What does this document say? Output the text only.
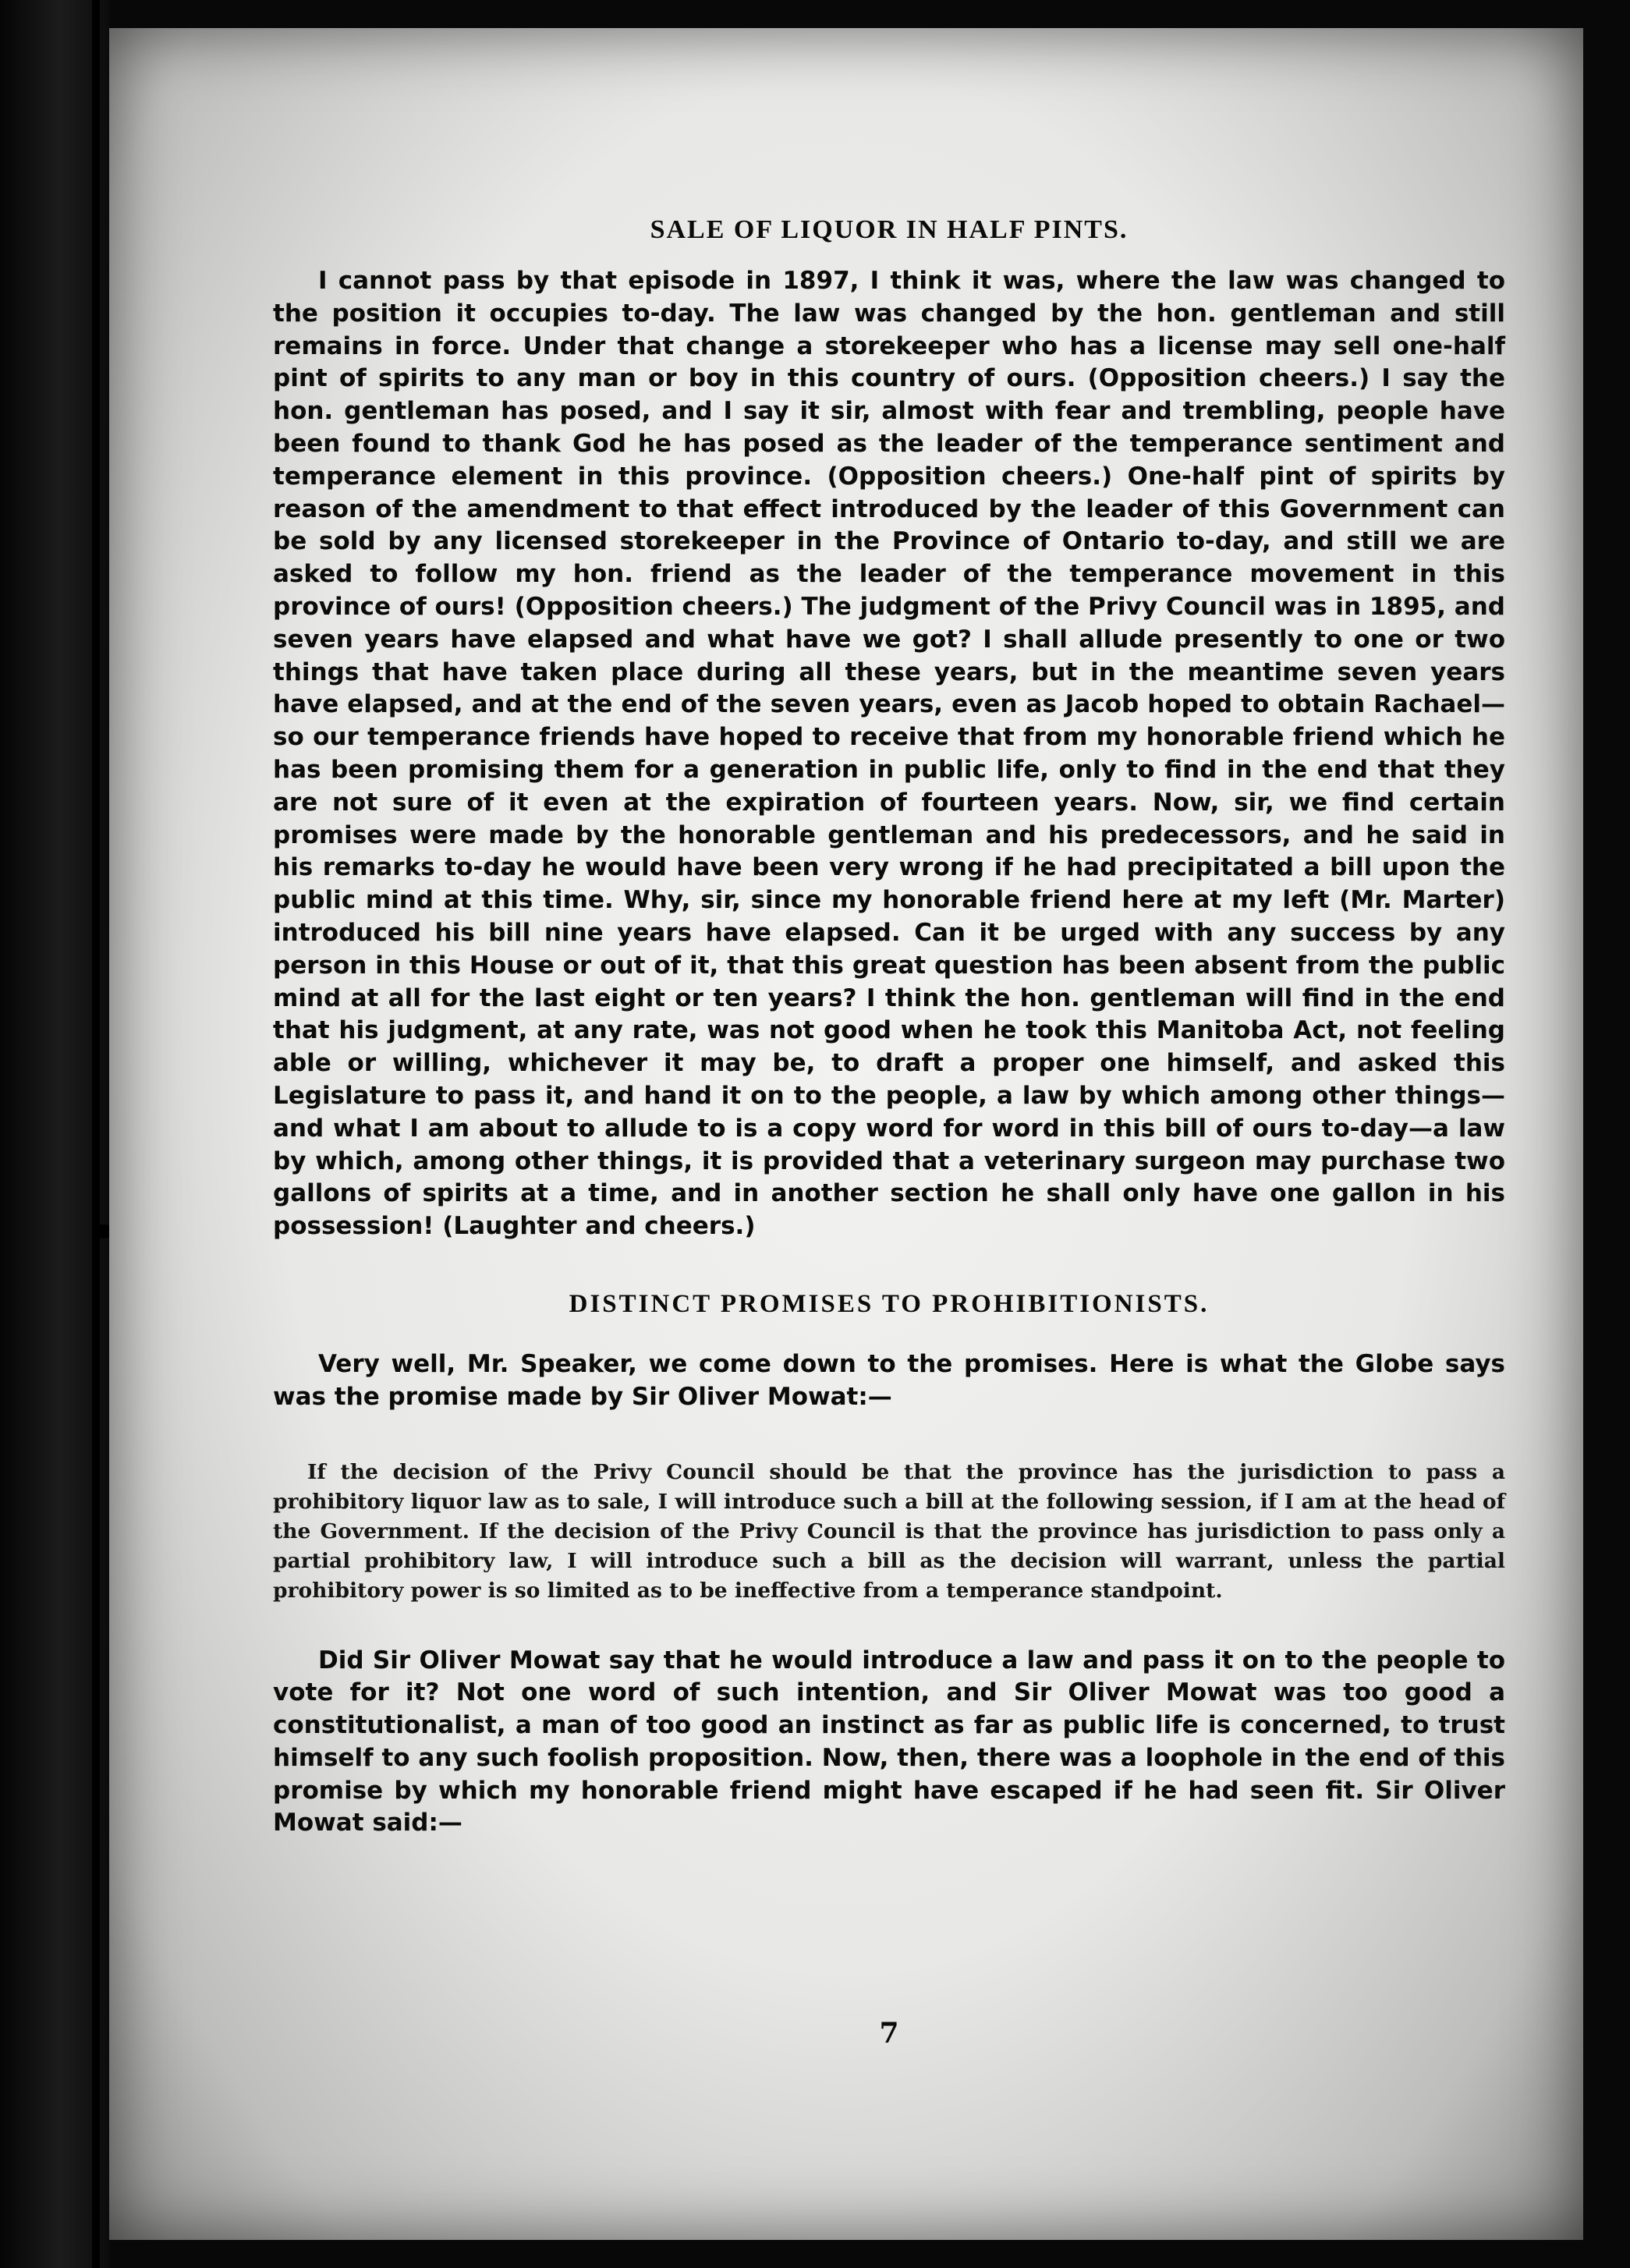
SALE OF LIQUOR IN HALF PINTS.

I cannot pass by that episode in 1897, I think it was, where the law was changed to the position it occupies to-day. The law was changed by the hon. gentleman and still remains in force. Under that change a storekeeper who has a license may sell one-half pint of spirits to any man or boy in this country of ours. (Opposition cheers.) I say the hon. gentleman has posed, and I say it sir, almost with fear and trembling, people have been found to thank God he has posed as the leader of the temperance sentiment and temperance element in this province. (Opposition cheers.) One-half pint of spirits by reason of the amendment to that effect introduced by the leader of this Government can be sold by any licensed storekeeper in the Province of Ontario to-day, and still we are asked to follow my hon. friend as the leader of the temperance movement in this province of ours! (Opposition cheers.) The judgment of the Privy Council was in 1895, and seven years have elapsed and what have we got? I shall allude presently to one or two things that have taken place during all these years, but in the meantime seven years have elapsed, and at the end of the seven years, even as Jacob hoped to obtain Rachael—so our temperance friends have hoped to receive that from my honorable friend which he has been promising them for a generation in public life, only to find in the end that they are not sure of it even at the expiration of fourteen years. Now, sir, we find certain promises were made by the honorable gentleman and his predecessors, and he said in his remarks to-day he would have been very wrong if he had precipitated a bill upon the public mind at this time. Why, sir, since my honorable friend here at my left (Mr. Marter) introduced his bill nine years have elapsed. Can it be urged with any success by any person in this House or out of it, that this great question has been absent from the public mind at all for the last eight or ten years? I think the hon. gentleman will find in the end that his judgment, at any rate, was not good when he took this Manitoba Act, not feeling able or willing, whichever it may be, to draft a proper one himself, and asked this Legislature to pass it, and hand it on to the people, a law by which among other things—and what I am about to allude to is a copy word for word in this bill of ours to-day—a law by which, among other things, it is provided that a veterinary surgeon may purchase two gallons of spirits at a time, and in another section he shall only have one gallon in his possession! (Laughter and cheers.)

DISTINCT PROMISES TO PROHIBITIONISTS.

Very well, Mr. Speaker, we come down to the promises. Here is what the Globe says was the promise made by Sir Oliver Mowat:—

If the decision of the Privy Council should be that the province has the jurisdiction to pass a prohibitory liquor law as to sale, I will introduce such a bill at the following session, if I am at the head of the Government. If the decision of the Privy Council is that the province has jurisdiction to pass only a partial prohibitory law, I will introduce such a bill as the decision will warrant, unless the partial prohibitory power is so limited as to be ineffective from a temperance standpoint.

Did Sir Oliver Mowat say that he would introduce a law and pass it on to the people to vote for it? Not one word of such intention, and Sir Oliver Mowat was too good a constitutionalist, a man of too good an instinct as far as public life is concerned, to trust himself to any such foolish proposition. Now, then, there was a loophole in the end of this promise by which my honorable friend might have escaped if he had seen fit. Sir Oliver Mowat said:—

7
